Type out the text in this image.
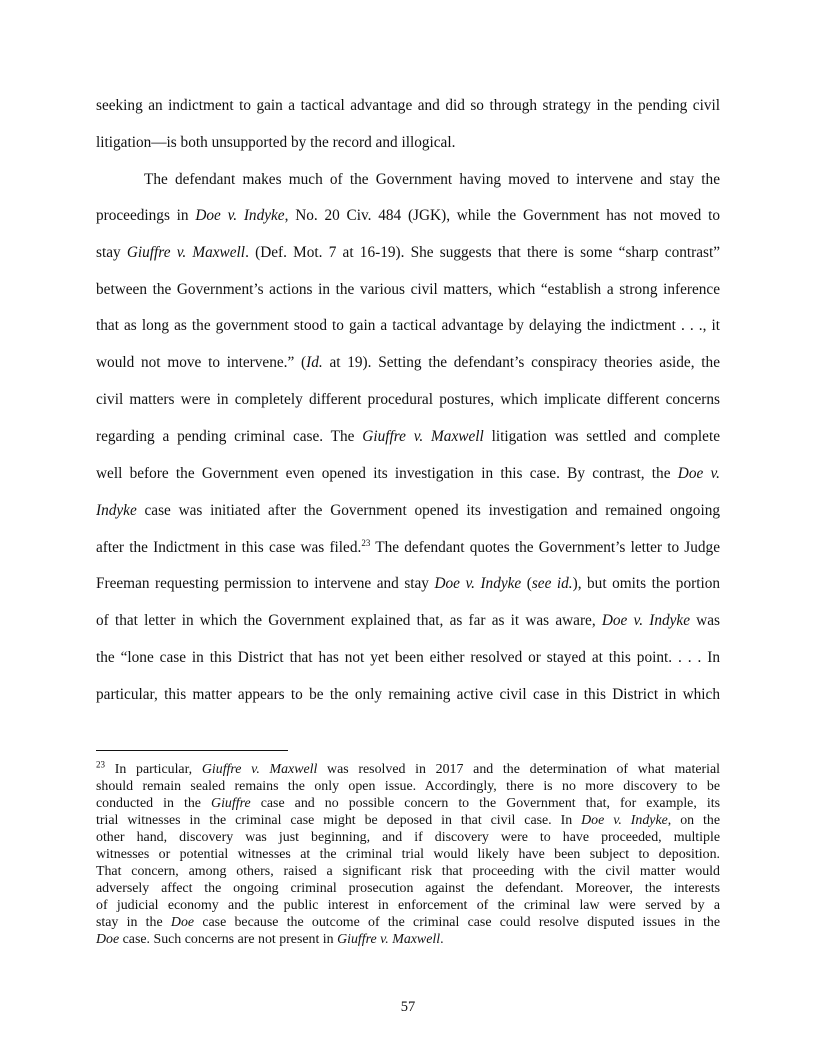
seeking an indictment to gain a tactical advantage and did so through strategy in the pending civil
litigation—is both unsupported by the record and illogical.
The defendant makes much of the Government having moved to intervene and stay the
proceedings in Doe v. Indyke, No. 20 Civ. 484 (JGK), while the Government has not moved to
stay Giuffre v. Maxwell. (Def. Mot. 7 at 16-19). She suggests that there is some “sharp contrast”
between the Government’s actions in the various civil matters, which “establish a strong inference
that as long as the government stood to gain a tactical advantage by delaying the indictment . . ., it
would not move to intervene.” (Id. at 19). Setting the defendant’s conspiracy theories aside, the
civil matters were in completely different procedural postures, which implicate different concerns
regarding a pending criminal case. The Giuffre v. Maxwell litigation was settled and complete
well before the Government even opened its investigation in this case. By contrast, the Doe v.
Indyke case was initiated after the Government opened its investigation and remained ongoing
after the Indictment in this case was filed.$^{23}$ The defendant quotes the Government’s letter to Judge
Freeman requesting permission to intervene and stay Doe v. Indyke (see id.), but omits the portion
of that letter in which the Government explained that, as far as it was aware, Doe v. Indyke was
the “lone case in this District that has not yet been either resolved or stayed at this point. . . . In
particular, this matter appears to be the only remaining active civil case in this District in which
$^{23}$ In particular, Giuffre v. Maxwell was resolved in 2017 and the determination of what material
should remain sealed remains the only open issue. Accordingly, there is no more discovery to be
conducted in the Giuffre case and no possible concern to the Government that, for example, its
trial witnesses in the criminal case might be deposed in that civil case. In Doe v. Indyke, on the
other hand, discovery was just beginning, and if discovery were to have proceeded, multiple
witnesses or potential witnesses at the criminal trial would likely have been subject to deposition.
That concern, among others, raised a significant risk that proceeding with the civil matter would
adversely affect the ongoing criminal prosecution against the defendant. Moreover, the interests
of judicial economy and the public interest in enforcement of the criminal law were served by a
stay in the Doe case because the outcome of the criminal case could resolve disputed issues in the
Doe case. Such concerns are not present in Giuffre v. Maxwell.
57
